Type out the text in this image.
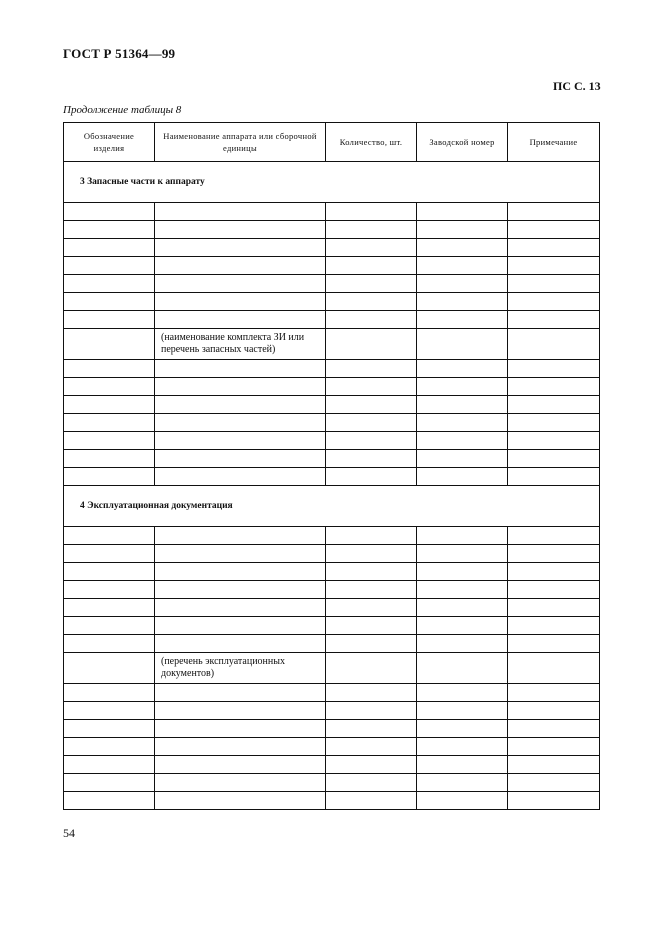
ГОСТ Р 51364—99
ПС С. 13
Продолжение таблицы 8
Обозначение изделия	Наименование аппарата или сборочной единицы	Количество, шт.	Заводской номер	Примечание
3 Запасные части к аппарату				

	(наименование комплекта ЗИ или перечень запасных частей)			

4 Эксплуатационная документация				

	(перечень эксплуатационных документов)			

54
